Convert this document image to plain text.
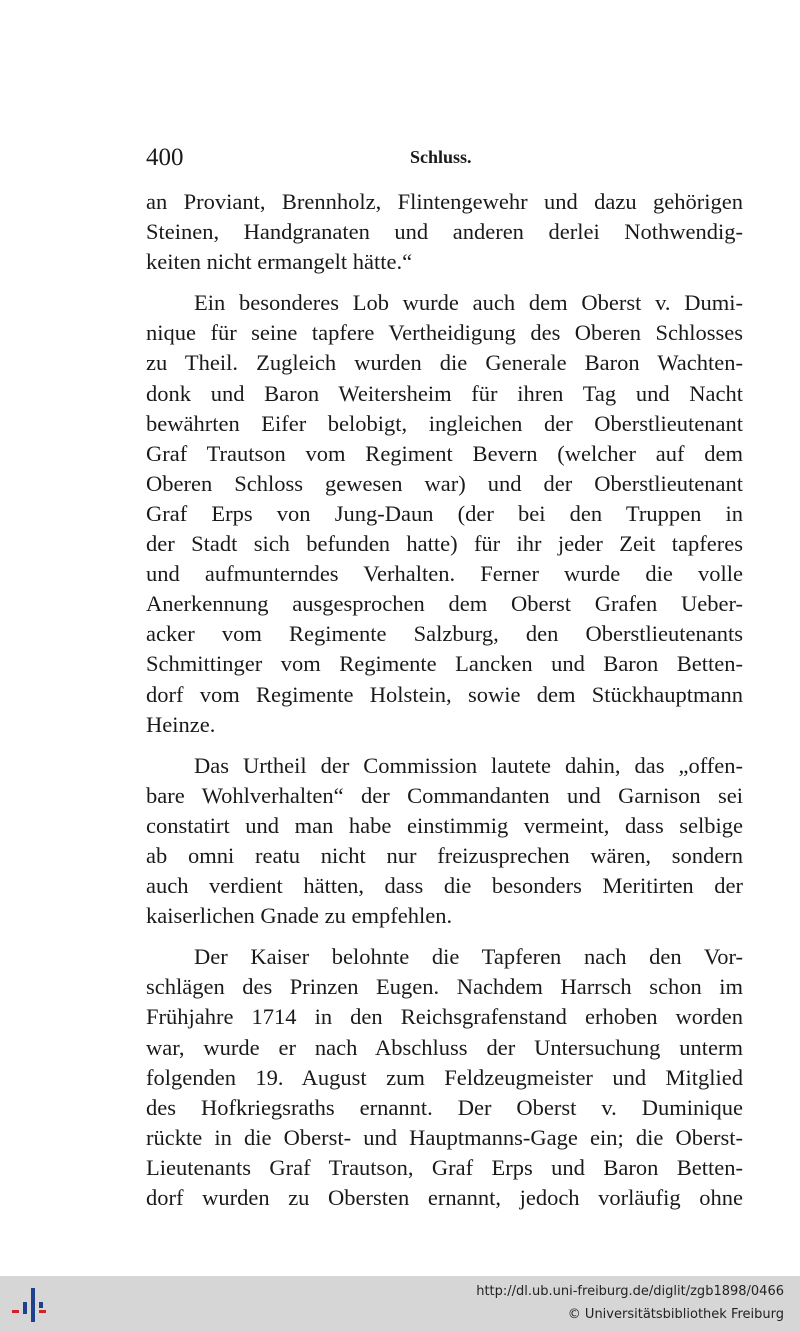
400	Schluss.
an Proviant, Brennholz, Flintengewehr und dazu gehörigen
Steinen, Handgranaten und anderen derlei Nothwendig-
keiten nicht ermangelt hätte.“
Ein besonderes Lob wurde auch dem Oberst v. Dumi-
nique für seine tapfere Vertheidigung des Oberen Schlosses
zu Theil. Zugleich wurden die Generale Baron Wachten-
donk und Baron Weitersheim für ihren Tag und Nacht
bewährten Eifer belobigt, ingleichen der Oberstlieutenant
Graf Trautson vom Regiment Bevern (welcher auf dem
Oberen Schloss gewesen war) und der Oberstlieutenant
Graf Erps von Jung-Daun (der bei den Truppen in
der Stadt sich befunden hatte) für ihr jeder Zeit tapferes
und aufmunterndes Verhalten. Ferner wurde die volle
Anerkennung ausgesprochen dem Oberst Grafen Ueber-
acker vom Regimente Salzburg, den Oberstlieutenants
Schmittinger vom Regimente Lancken und Baron Betten-
dorf vom Regimente Holstein, sowie dem Stückhauptmann
Heinze.
Das Urtheil der Commission lautete dahin, das „offen-
bare Wohlverhalten“ der Commandanten und Garnison sei
constatirt und man habe einstimmig vermeint, dass selbige
ab omni reatu nicht nur freizusprechen wären, sondern
auch verdient hätten, dass die besonders Meritirten der
kaiserlichen Gnade zu empfehlen.
Der Kaiser belohnte die Tapferen nach den Vor-
schlägen des Prinzen Eugen. Nachdem Harrsch schon im
Frühjahre 1714 in den Reichsgrafenstand erhoben worden
war, wurde er nach Abschluss der Untersuchung unterm
folgenden 19. August zum Feldzeugmeister und Mitglied
des Hofkriegsraths ernannt. Der Oberst v. Duminique
rückte in die Oberst- und Hauptmanns-Gage ein; die Oberst-
Lieutenants Graf Trautson, Graf Erps und Baron Betten-
dorf wurden zu Obersten ernannt, jedoch vorläufig ohne
http://dl.ub.uni-freiburg.de/diglit/zgb1898/0466
© Universitätsbibliothek Freiburg
